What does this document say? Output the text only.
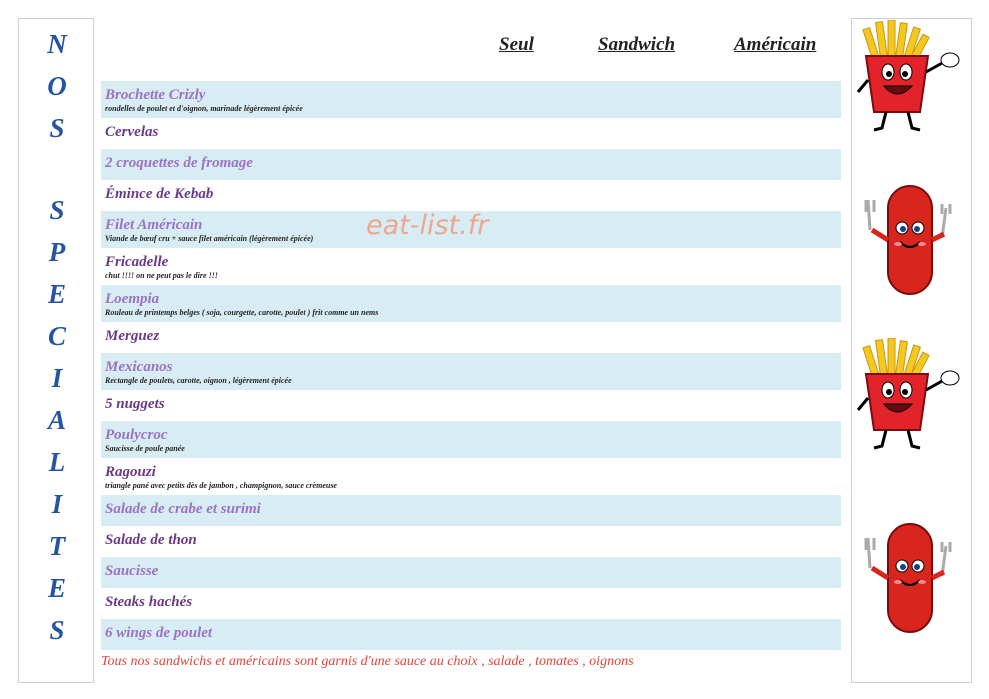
N
O
S
S
P
E
C
I
A
L
I
T
E
S
Seul	Sandwich	Américain
Brochette Crizly
rondelles de poulet et d'oignon, marinade légèrement épicée
Cervelas
2 croquettes de fromage
Émince de Kebab
Filet Américain
Viande de bœuf cru + sauce filet américain (légèrement épicée)
Fricadelle
chut !!!! on ne peut pas le dire !!!
Loempia
Rouleau de printemps belges ( soja, courgette, carotte, poulet ) frit comme un nems
Merguez
Mexicanos
Rectangle de poulets, carotte, oignon , légèrement épicée
5 nuggets
Poulycroc
Saucisse de poule panée
Ragouzi
triangle pané avec petits dès de jambon , champignon, sauce crèmeuse
Salade de crabe et surimi
Salade de thon
Saucisse
Steaks hachés
6 wings de poulet
eat-list.fr
Tous nos sandwichs et américains sont garnis d'une sauce au choix , salade , tomates , oignons
